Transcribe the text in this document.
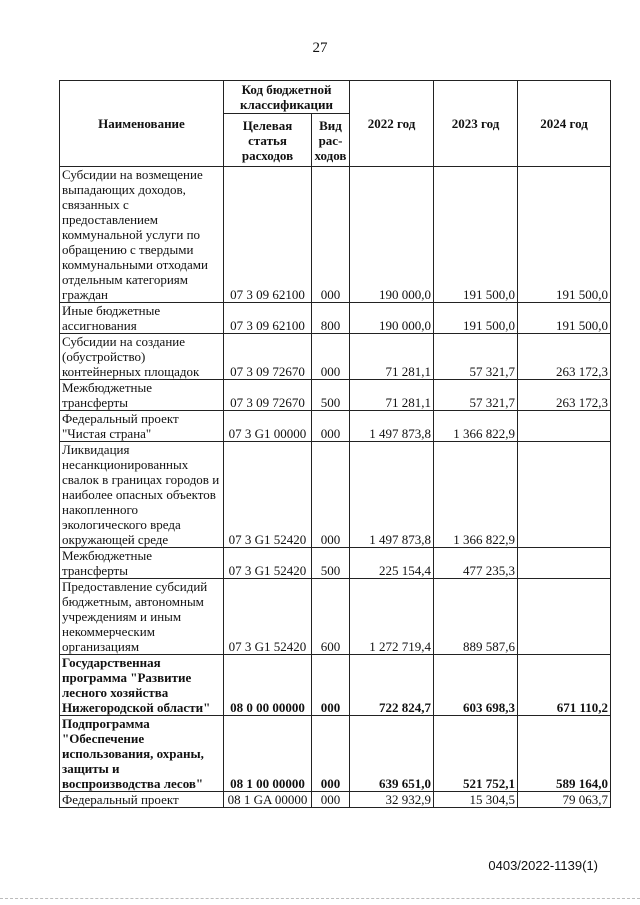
27
Наименование	Код бюджетной классификации		2022 год	2023 год	2024 год
	Целевая статья расходов	Вид рас-ходов			
Субсидии на возмещение выпадающих доходов, связанных с предоставлением коммунальной услуги по обращению с твердыми коммунальными отходами отдельным категориям граждан	07 3 09 62100	000	190 000,0	191 500,0	191 500,0
Иные бюджетные ассигнования	07 3 09 62100	800	190 000,0	191 500,0	191 500,0
Субсидии на создание (обустройство) контейнерных площадок	07 3 09 72670	000	71 281,1	57 321,7	263 172,3
Межбюджетные трансферты	07 3 09 72670	500	71 281,1	57 321,7	263 172,3
Федеральный проект "Чистая страна"	07 3 G1 00000	000	1 497 873,8	1 366 822,9	
Ликвидация несанкционированных свалок в границах городов и наиболее опасных объектов накопленного экологического вреда окружающей среде	07 3 G1 52420	000	1 497 873,8	1 366 822,9	
Межбюджетные трансферты	07 3 G1 52420	500	225 154,4	477 235,3	
Предоставление субсидий бюджетным, автономным учреждениям и иным некоммерческим организациям	07 3 G1 52420	600	1 272 719,4	889 587,6	
Государственная программа "Развитие лесного хозяйства Нижегородской области"	08 0 00 00000	000	722 824,7	603 698,3	671 110,2
Подпрограмма "Обеспечение использования, охраны, защиты и воспроизводства лесов"	08 1 00 00000	000	639 651,0	521 752,1	589 164,0
Федеральный проект	08 1 GA 00000	000	32 932,9	15 304,5	79 063,7
0403/2022-1139(1)
